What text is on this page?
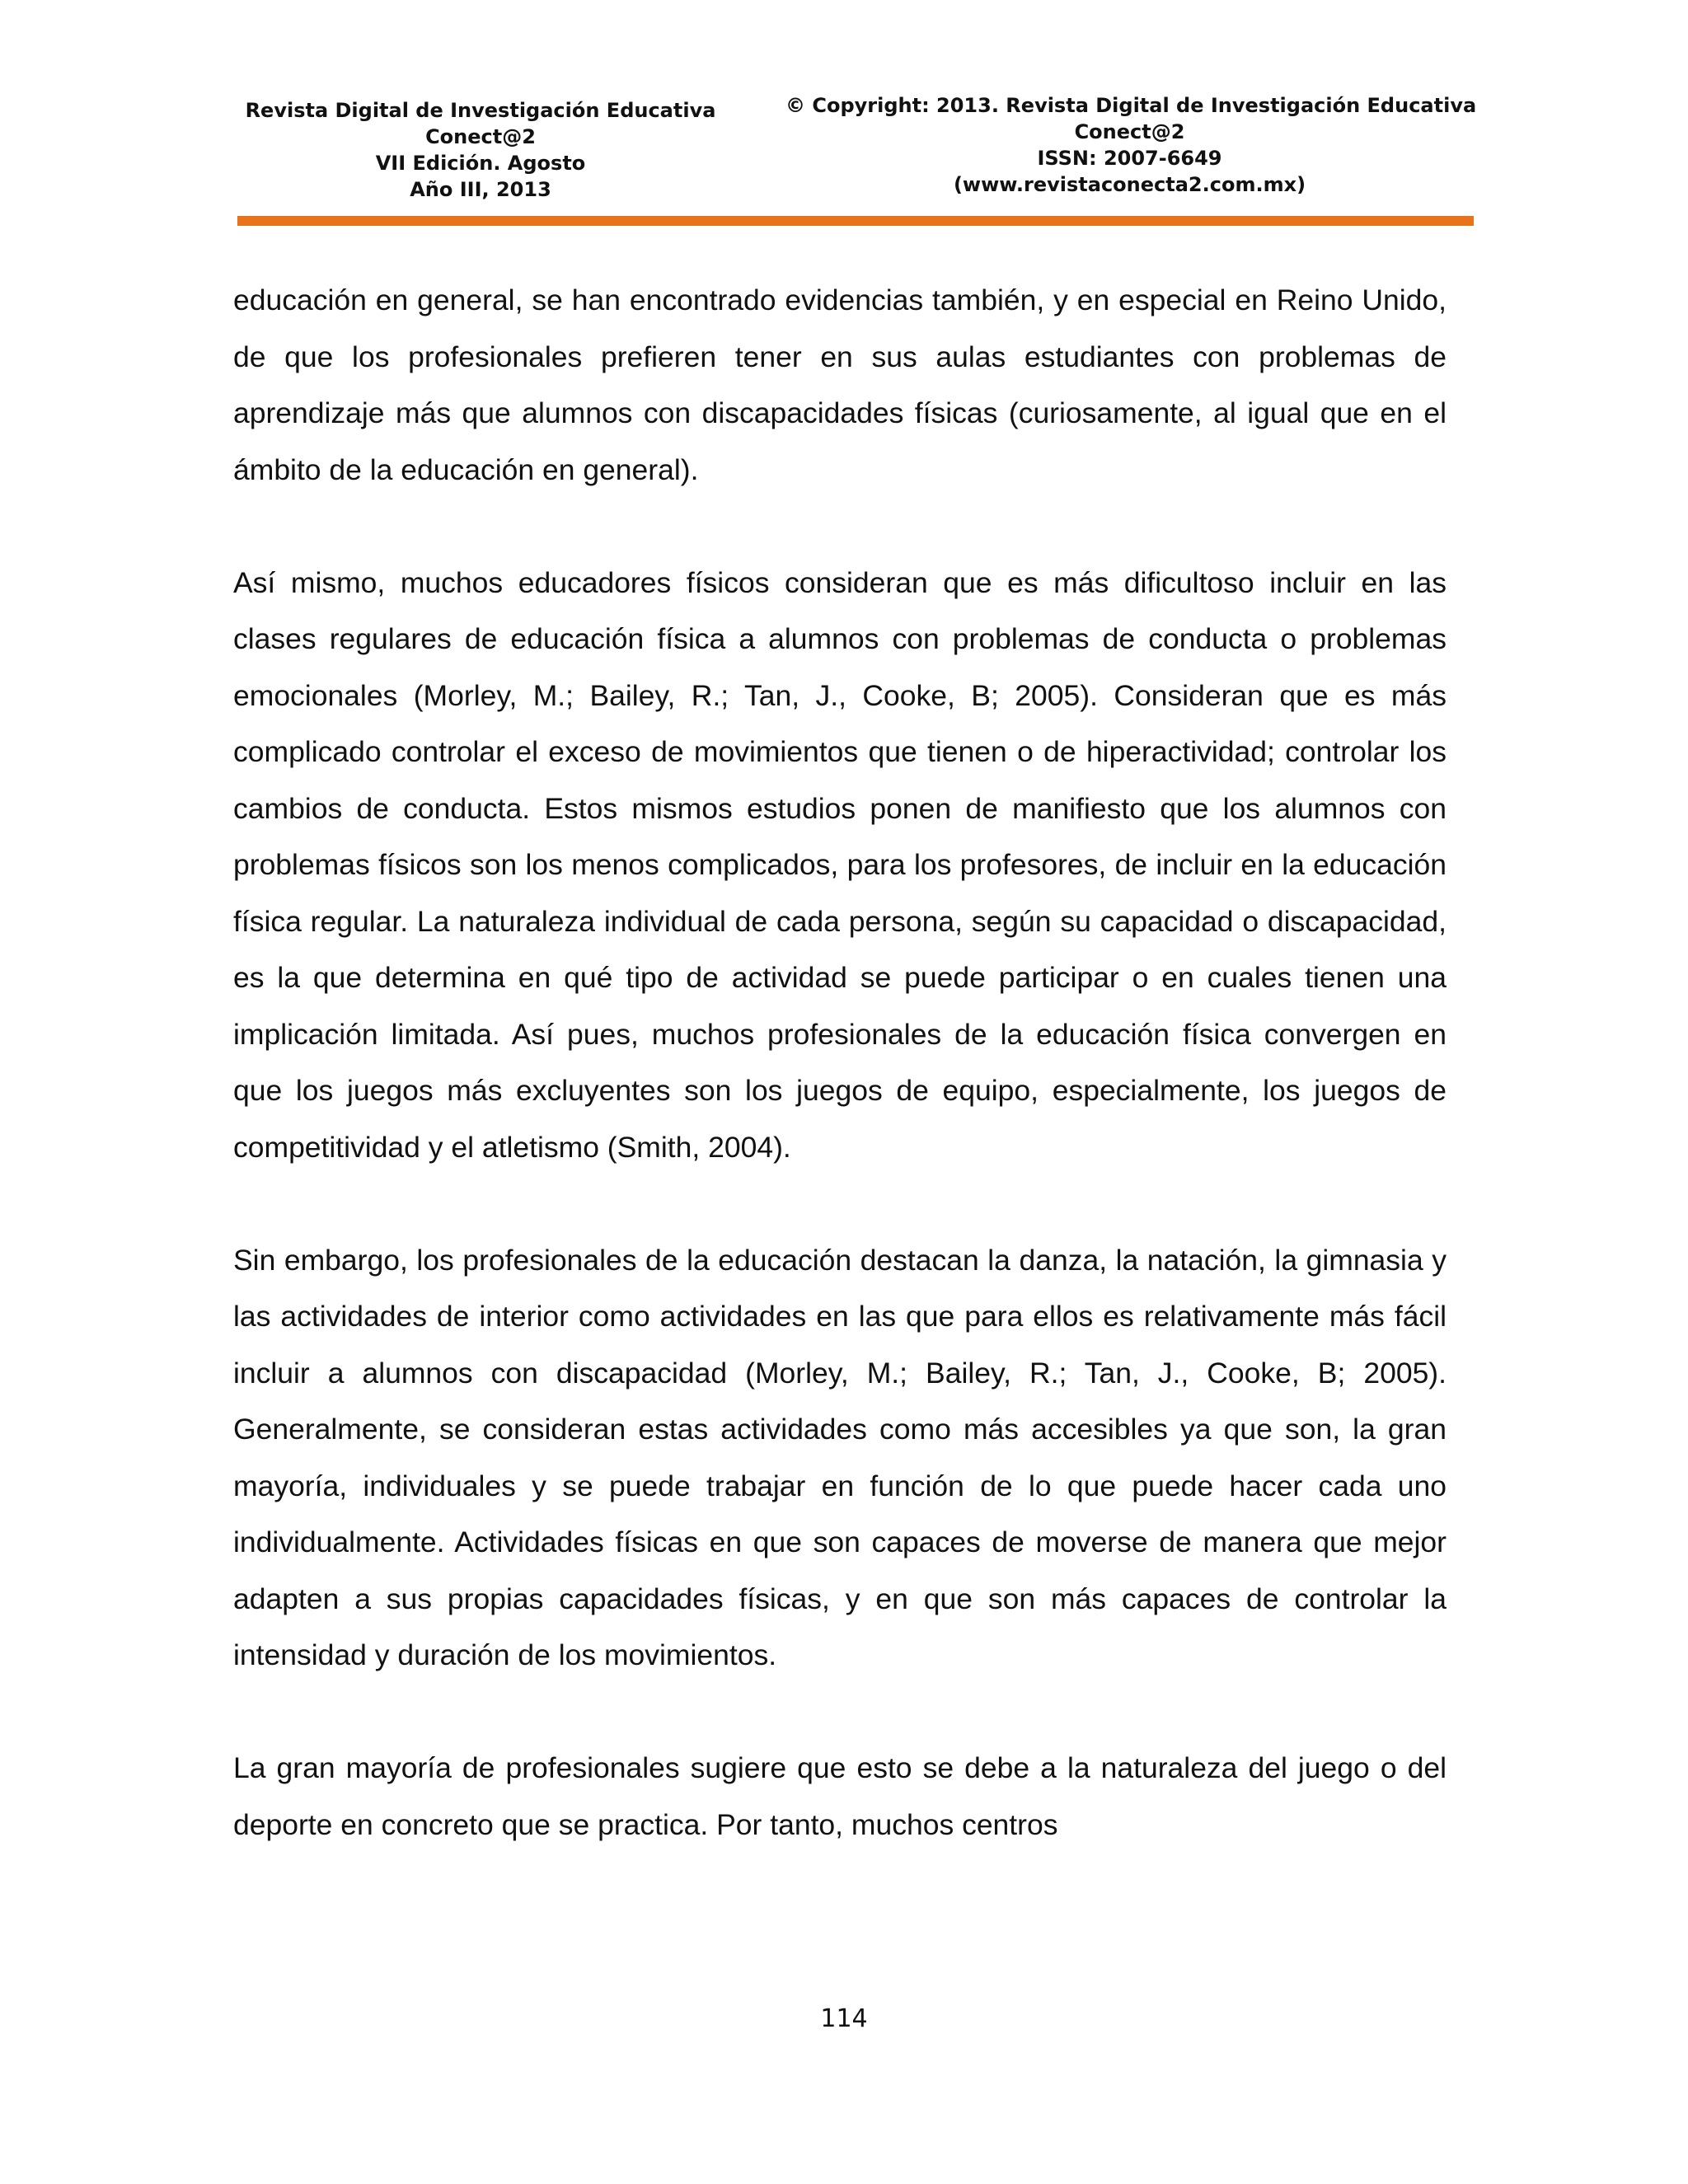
Revista Digital de Investigación Educativa
Conect@2
VII Edición. Agosto
Año III, 2013
© Copyright: 2013. Revista Digital de Investigación Educativa
Conect@2
ISSN: 2007-6649
(www.revistaconecta2.com.mx)

educación en general, se han encontrado evidencias también, y en especial en Reino Unido, de que los profesionales prefieren tener en sus aulas estudiantes con problemas de aprendizaje más que alumnos con discapacidades físicas (curiosamente, al igual que en el ámbito de la educación en general).

Así mismo, muchos educadores físicos consideran que es más dificultoso incluir en las clases regulares de educación física a alumnos con problemas de conducta o problemas emocionales (Morley, M.; Bailey, R.; Tan, J., Cooke, B; 2005). Consideran que es más complicado controlar el exceso de movimientos que tienen o de hiperactividad; controlar los cambios de conducta. Estos mismos estudios ponen de manifiesto que los alumnos con problemas físicos son los menos complicados, para los profesores, de incluir en la educación física regular. La naturaleza individual de cada persona, según su capacidad o discapacidad, es la que determina en qué tipo de actividad se puede participar o en cuales tienen una implicación limitada. Así pues, muchos profesionales de la educación física convergen en que los juegos más excluyentes son los juegos de equipo, especialmente, los juegos de competitividad y el atletismo (Smith, 2004).

Sin embargo, los profesionales de la educación destacan la danza, la natación, la gimnasia y las actividades de interior como actividades en las que para ellos es relativamente más fácil incluir a alumnos con discapacidad (Morley, M.; Bailey, R.; Tan, J., Cooke, B; 2005). Generalmente, se consideran estas actividades como más accesibles ya que son, la gran mayoría, individuales y se puede trabajar en función de lo que puede hacer cada uno individualmente. Actividades físicas en que son capaces de moverse de manera que mejor adapten a sus propias capacidades físicas, y en que son más capaces de controlar la intensidad y duración de los movimientos.

La gran mayoría de profesionales sugiere que esto se debe a la naturaleza del juego o del deporte en concreto que se practica. Por tanto, muchos centros

114
